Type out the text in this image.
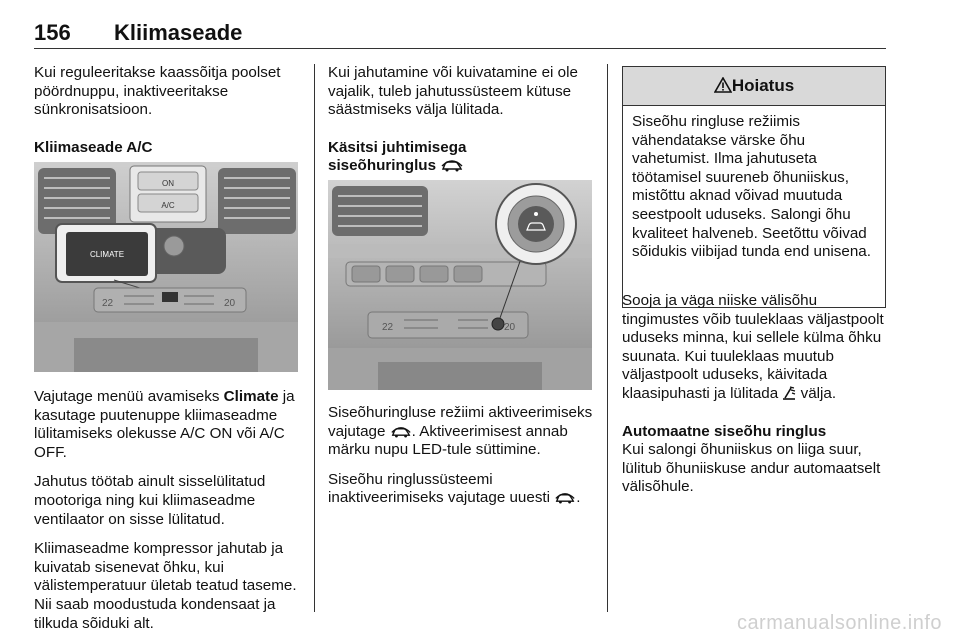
156 Kliimaseade

Kui reguleeritakse kaassõitja poolset pöördnuppu, inaktiveeritakse sünkronisatsioon.

Kliimaseade A/C

ON
A/C
CLIMATE
22	20

Vajutage menüü avamiseks Climate ja kasutage puutenuppe kliimaseadme lülitamiseks olekusse A/C ON või A/C OFF.

Jahutus töötab ainult sisselülitatud mootoriga ning kui kliimaseadme ventilaator on sisse lülitatud.

Kliimaseadme kompressor jahutab ja kuivatab sisenevat õhku, kui välistemperatuur ületab teatud taseme. Nii saab moodustuda kondensaat ja tilkuda sõiduki alt.

Kui jahutamine või kuivatamine ei ole vajalik, tuleb jahutussüsteem kütuse säästmiseks välja lülitada.

Käsitsi juhtimisega

siseõhuringlus

22	20

Siseõhuringluse režiimi aktiveerimiseks vajutage . Aktiveerimisest annab märku nupu LED-tule süttimine.

Siseõhu ringlussüsteemi inaktiveerimiseks vajutage uuesti .

Hoiatus
Siseõhu ringluse režiimis vähendatakse värske õhu vahetumist. Ilma jahutuseta töötamisel suureneb õhuniiskus, mistõttu aknad võivad muutuda seestpoolt uduseks. Salongi õhu kvaliteet halveneb. Seetõttu võivad sõidukis viibijad tunda end unisena.

Sooja ja väga niiske välisõhu tingimustes võib tuuleklaas väljastpoolt uduseks minna, kui sellele külma õhku suunata. Kui tuuleklaas muutub väljastpoolt uduseks, käivitada klaasipuhasti ja lülitada  välja.

Automaatne siseõhu ringlus

Kui salongi õhuniiskus on liiga suur, lülitub õhuniiskuse andur automaatselt välisõhule.

carmanualsonline.info
